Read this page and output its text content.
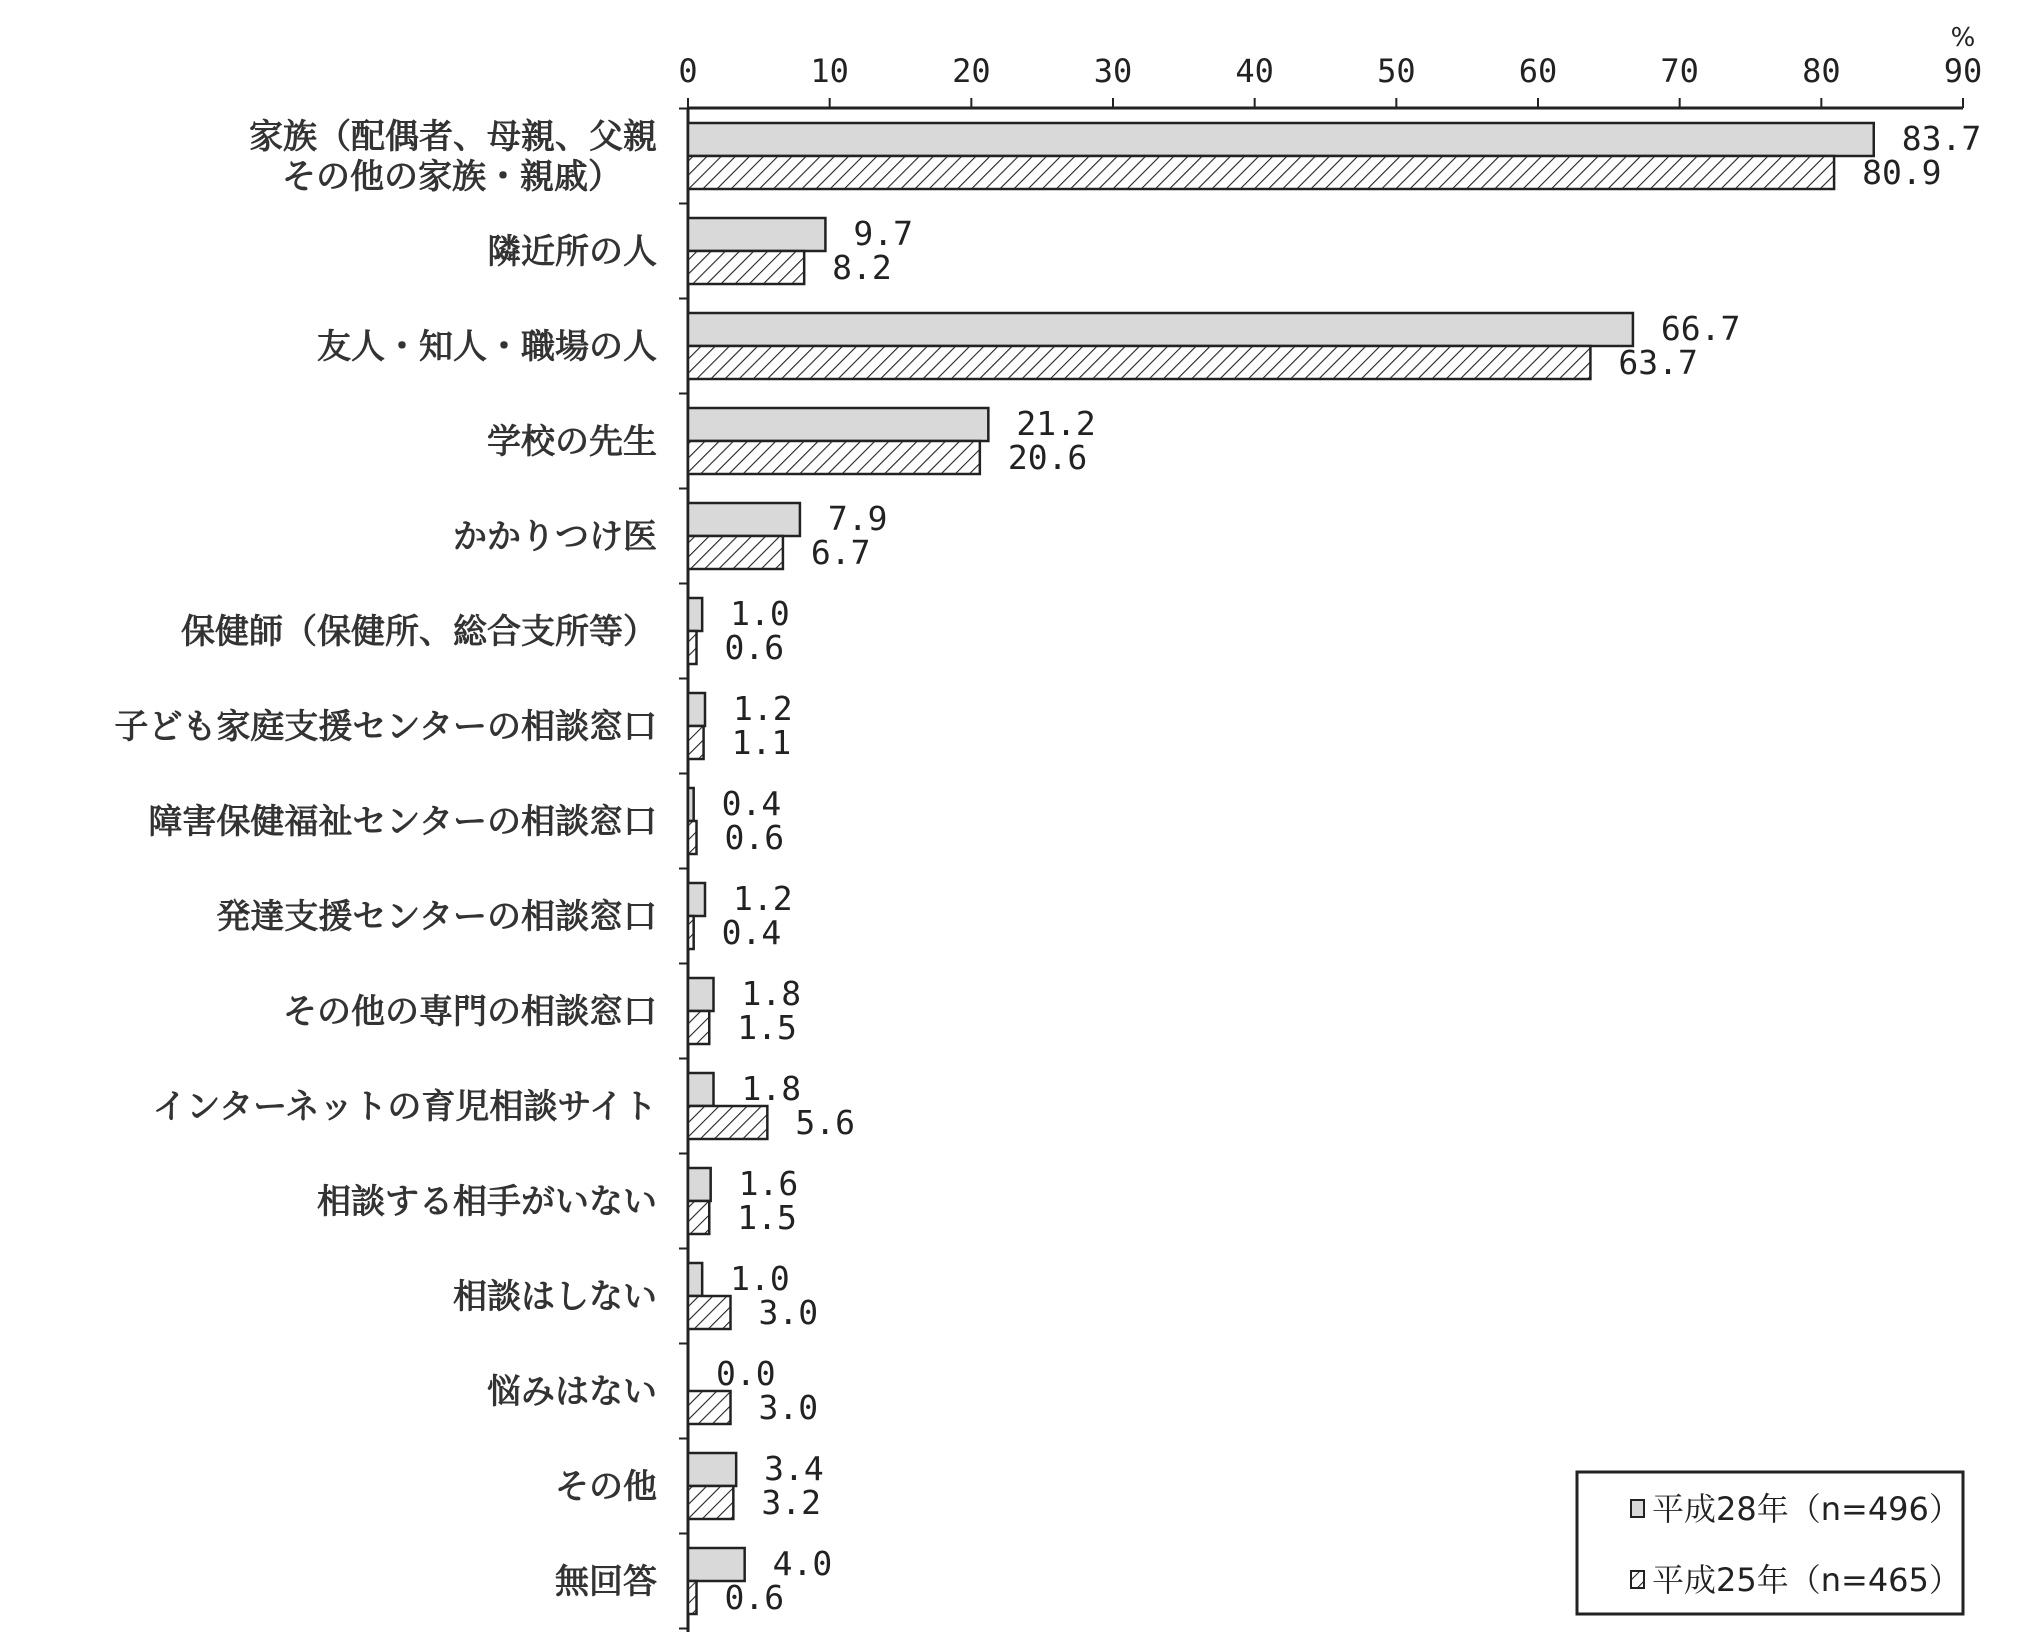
0	10	20	30	40	50	60	70	80	90
%
家族（配偶者、母親、父親
その他の家族・親戚）
隣近所の人
友人・知人・職場の人
学校の先生
かかりつけ医
保健師（保健所、総合支所等）
子ども家庭支援センターの相談窓口
障害保健福祉センターの相談窓口
発達支援センターの相談窓口
その他の専門の相談窓口
インターネットの育児相談サイト
相談する相手がいない
相談はしない
悩みはない
その他
無回答
83.7
9.7
66.7
21.2
7.9
1.0
1.2
0.4
1.2
1.8
1.8
1.6
1.0
0.0
3.4
4.0
80.9
8.2
63.7
20.6
6.7
0.6
1.1
0.6
0.4
1.5
5.6
1.5
3.0
3.0
3.2
0.6
平成28年（n=496）
平成25年（n=465）
